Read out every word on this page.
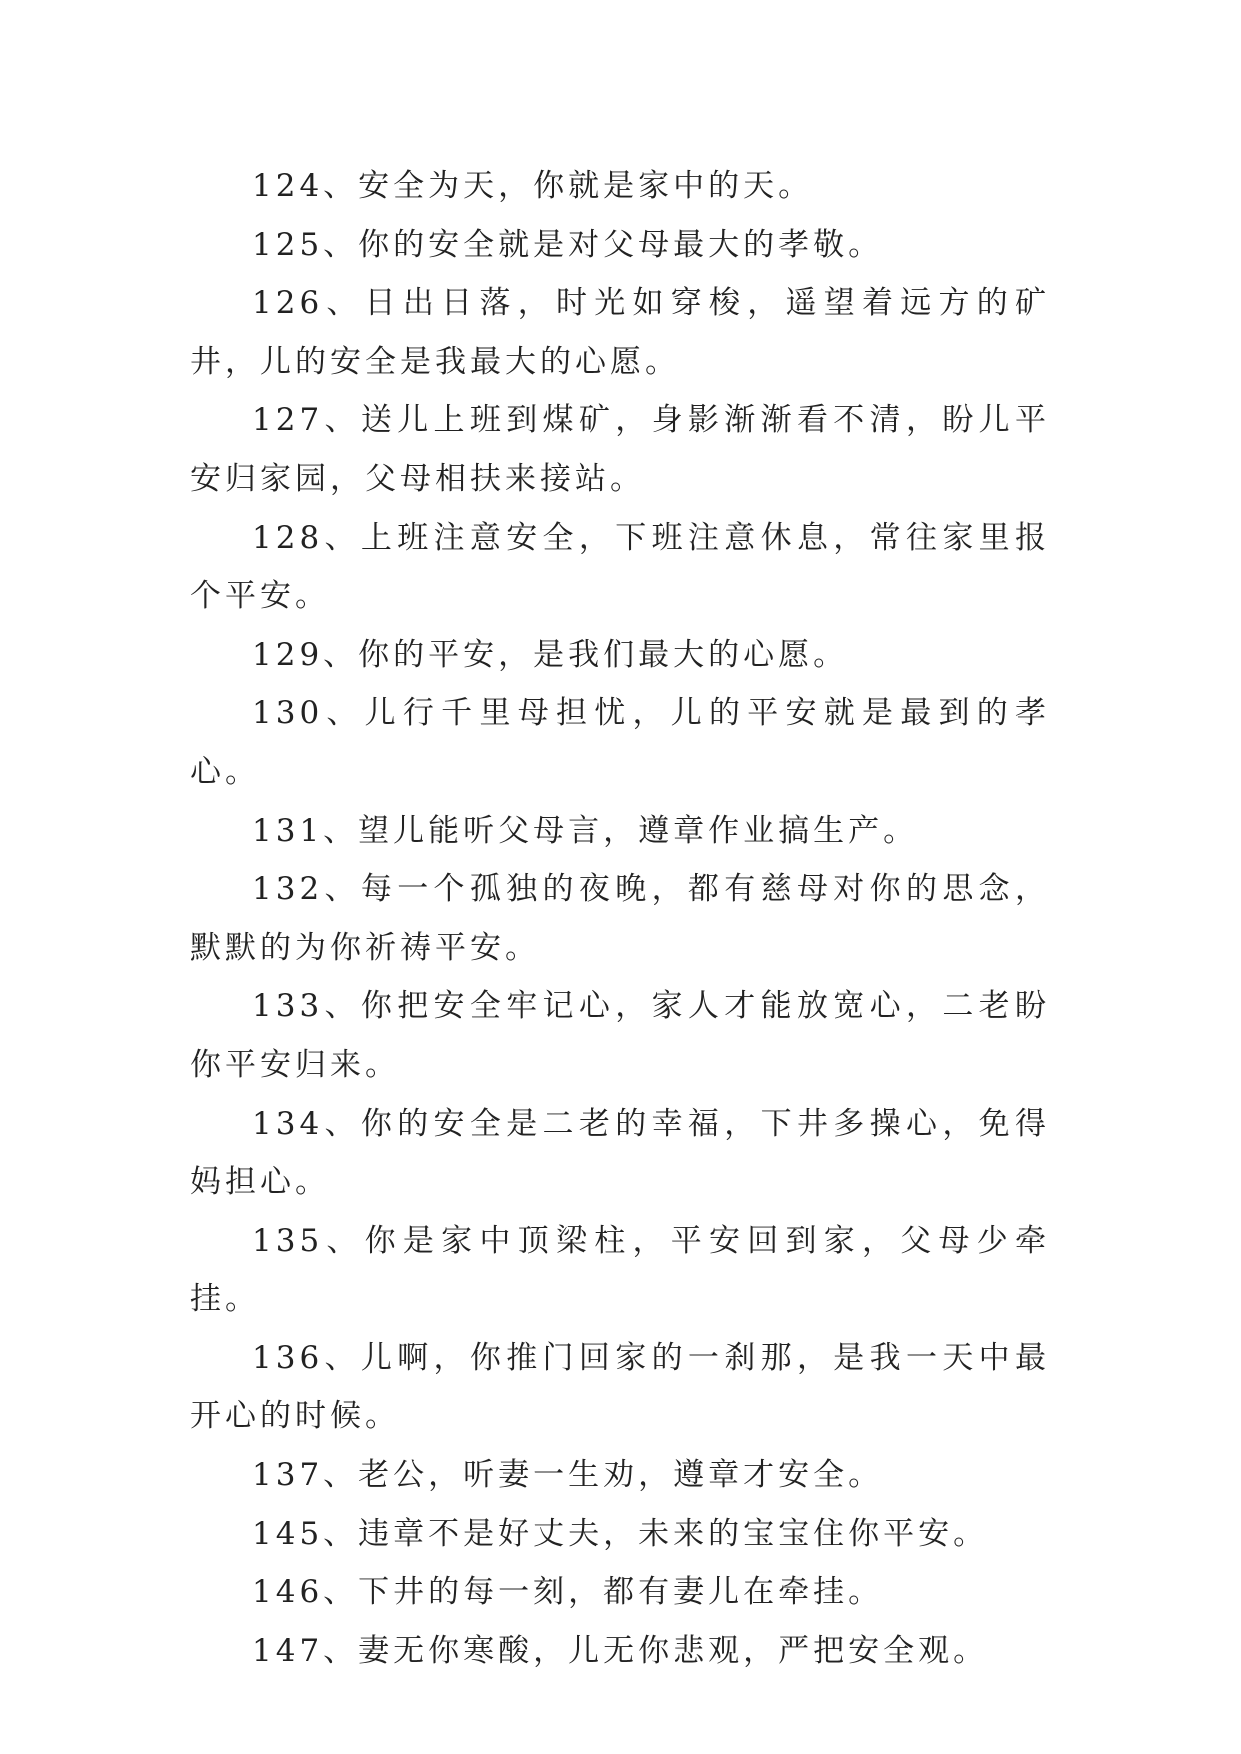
124、安全为天，你就是家中的天。

125、你的安全就是对父母最大的孝敬。

126、日出日落，时光如穿梭，遥望着远方的矿井，儿的安全是我最大的心愿。

127、送儿上班到煤矿，身影渐渐看不清，盼儿平安归家园，父母相扶来接站。

128、上班注意安全，下班注意休息，常往家里报个平安。

129、你的平安，是我们最大的心愿。

130、儿行千里母担忧，儿的平安就是最到的孝心。

131、望儿能听父母言，遵章作业搞生产。

132、每一个孤独的夜晚，都有慈母对你的思念，默默的为你祈祷平安。

133、你把安全牢记心，家人才能放宽心，二老盼你平安归来。

134、你的安全是二老的幸福，下井多操心，免得妈担心。

135、你是家中顶梁柱，平安回到家，父母少牵挂。

136、儿啊，你推门回家的一刹那，是我一天中最开心的时候。

137、老公，听妻一生劝，遵章才安全。

145、违章不是好丈夫，未来的宝宝住你平安。

146、下井的每一刻，都有妻儿在牵挂。

147、妻无你寒酸，儿无你悲观，严把安全观。
